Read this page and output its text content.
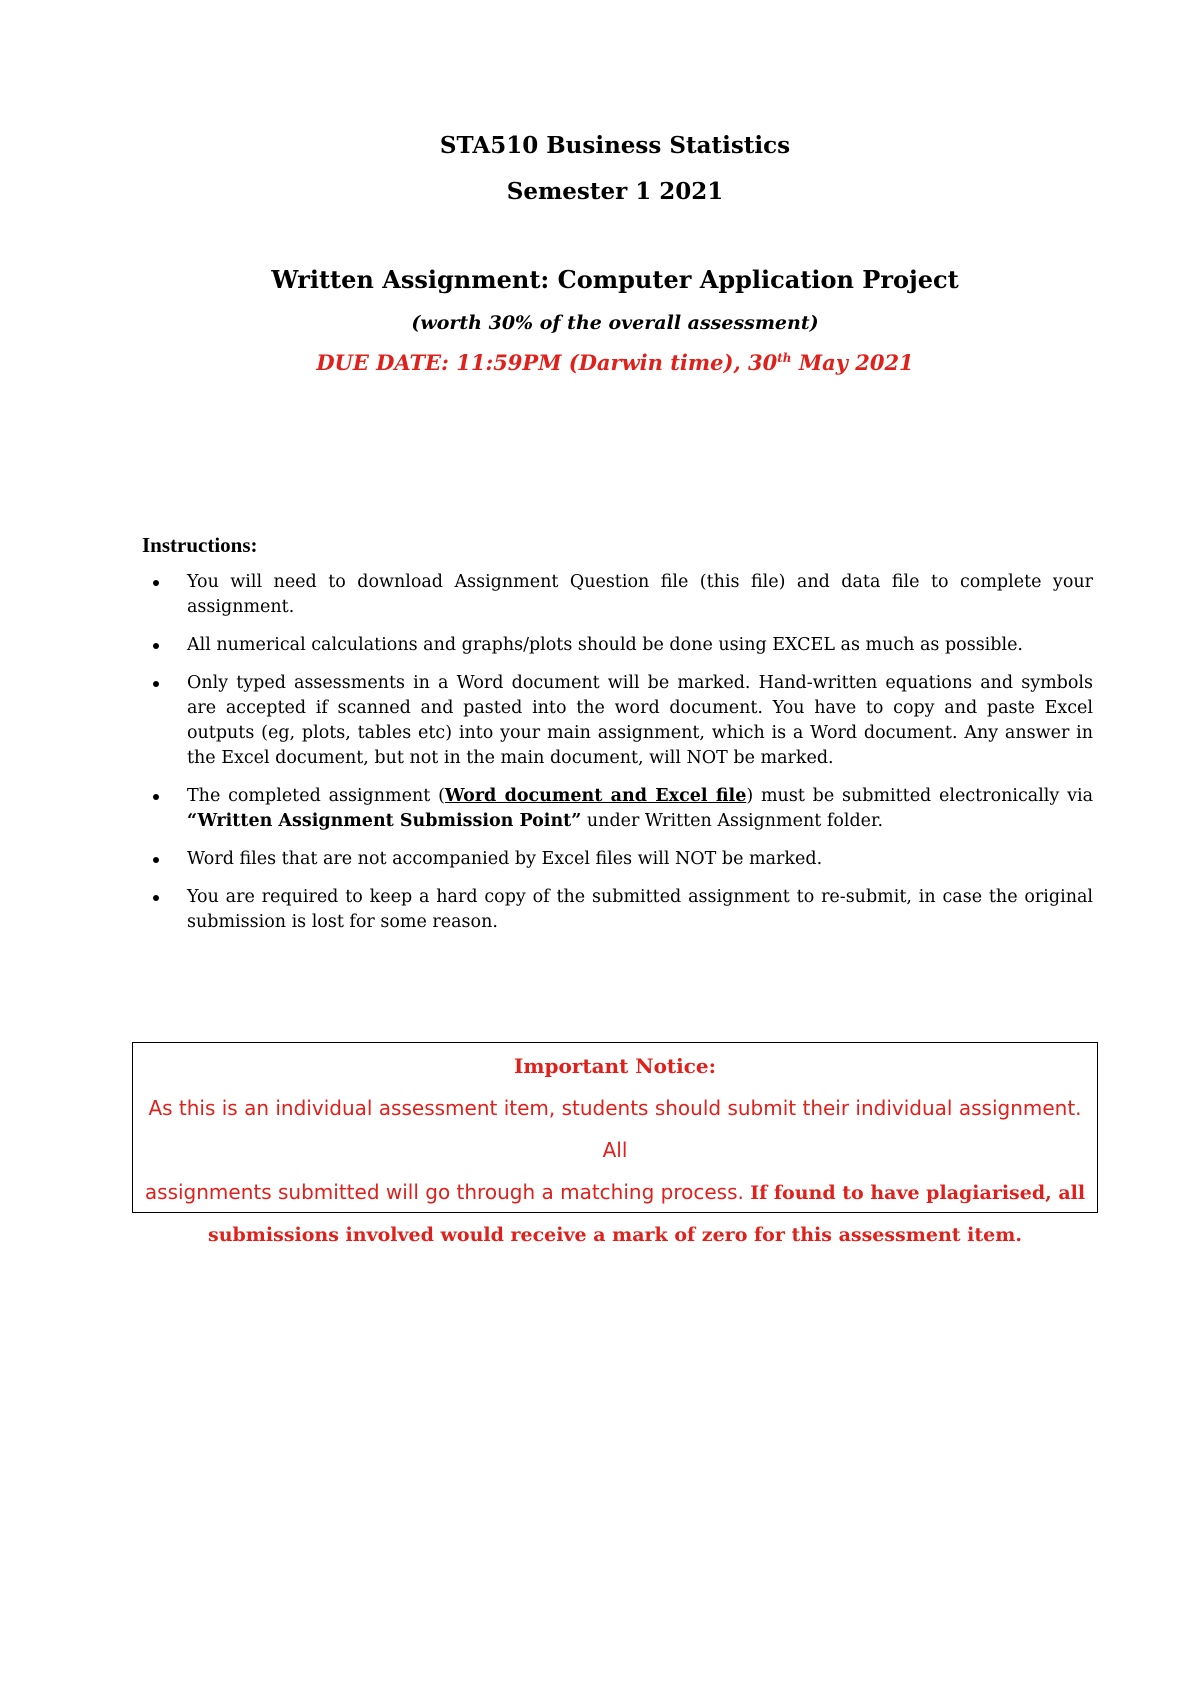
STA510 Business Statistics
Semester 1 2021
Written Assignment: Computer Application Project
(worth 30% of the overall assessment)
DUE DATE: 11:59PM (Darwin time), 30th May 2021
Instructions:
You will need to download Assignment Question file (this file) and data file to complete your assignment.
All numerical calculations and graphs/plots should be done using EXCEL as much as possible.
Only typed assessments in a Word document will be marked. Hand-written equations and symbols are accepted if scanned and pasted into the word document. You have to copy and paste Excel outputs (eg, plots, tables etc) into your main assignment, which is a Word document. Any answer in the Excel document, but not in the main document, will NOT be marked.
The completed assignment (Word document and Excel file) must be submitted electronically via “Written Assignment Submission Point” under Written Assignment folder.
Word files that are not accompanied by Excel files will NOT be marked.
You are required to keep a hard copy of the submitted assignment to re-submit, in case the original submission is lost for some reason.
Important Notice:
As this is an individual assessment item, students should submit their individual assignment. All
assignments submitted will go through a matching process. If found to have plagiarised, all
submissions involved would receive a mark of zero for this assessment item.
